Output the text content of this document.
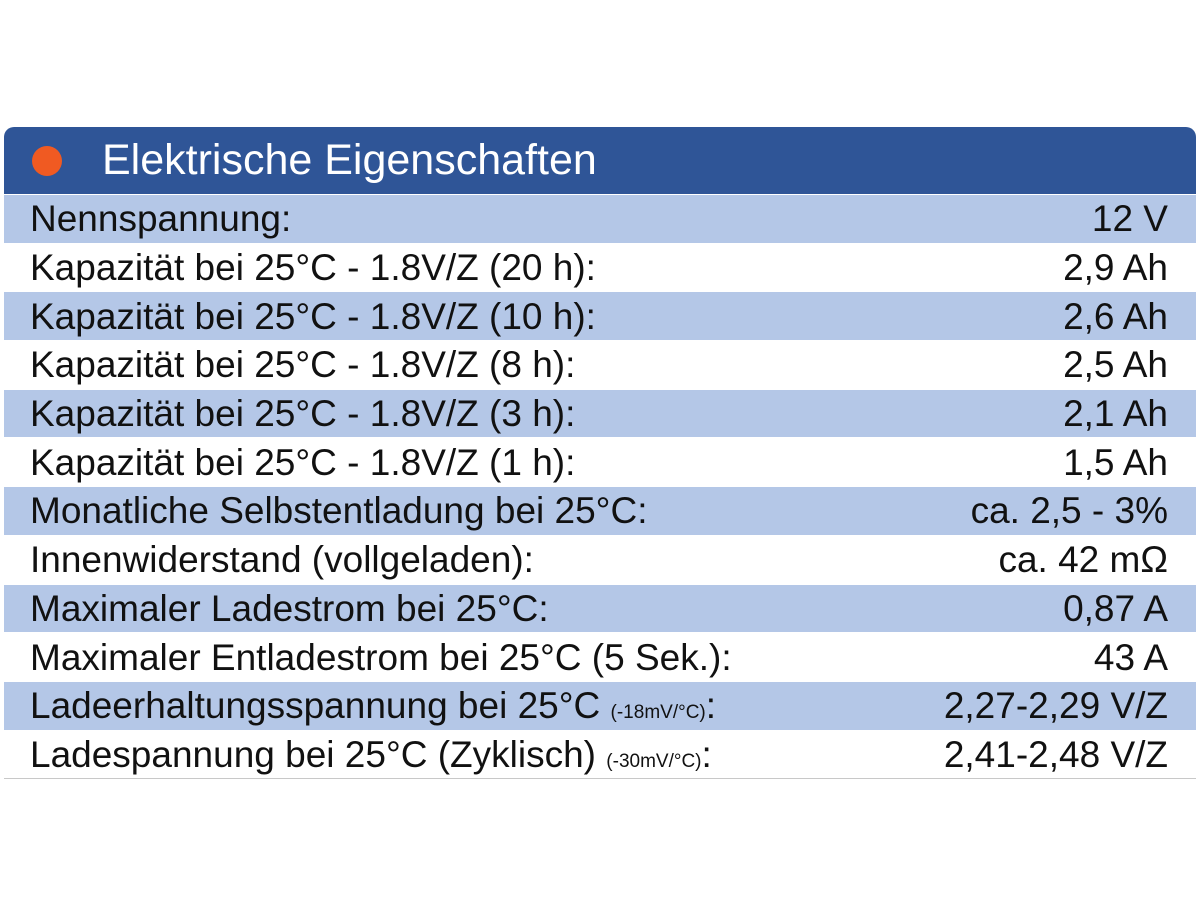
Elektrische Eigenschaften
Nennspannung:	12 V
Kapazität bei 25°C - 1.8V/Z (20 h):	2,9 Ah
Kapazität bei 25°C - 1.8V/Z (10 h):	2,6 Ah
Kapazität bei 25°C - 1.8V/Z (8 h):	2,5 Ah
Kapazität bei 25°C - 1.8V/Z (3 h):	2,1 Ah
Kapazität bei 25°C - 1.8V/Z (1 h):	1,5 Ah
Monatliche Selbstentladung bei 25°C:	ca. 2,5 - 3%
Innenwiderstand (vollgeladen):	ca. 42 mΩ
Maximaler Ladestrom bei 25°C:	0,87 A
Maximaler Entladestrom bei 25°C (5 Sek.):	43 A
Ladeerhaltungsspannung bei 25°C (-18mV/°C):	2,27-2,29 V/Z
Ladespannung bei 25°C (Zyklisch) (-30mV/°C):	2,41-2,48 V/Z
